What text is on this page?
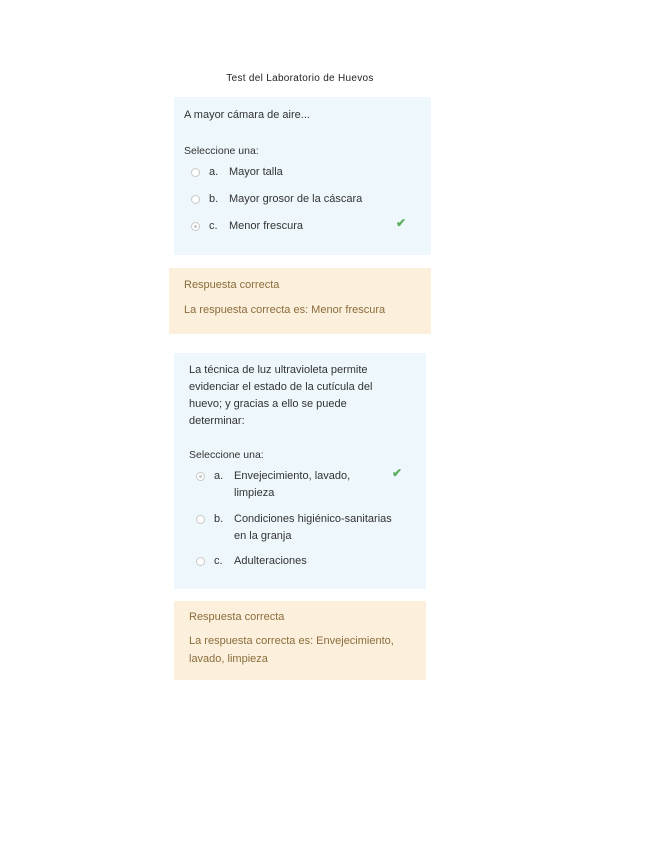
Test del Laboratorio de Huevos
A mayor cámara de aire...
Seleccione una:
a. Mayor talla
b. Mayor grosor de la cáscara
c.	Menor frescura	✔
Respuesta correcta
La respuesta correcta es: Menor frescura
La técnica de luz ultravioleta permite evidenciar el estado de la cutícula del huevo; y gracias a ello se puede determinar:
Seleccione una:
a. Envejecimiento, lavado, limpieza
✔
b. Condiciones higiénico-sanitarias en la granja
c.	Adulteraciones
Respuesta correcta
La respuesta correcta es: Envejecimiento, lavado, limpieza
